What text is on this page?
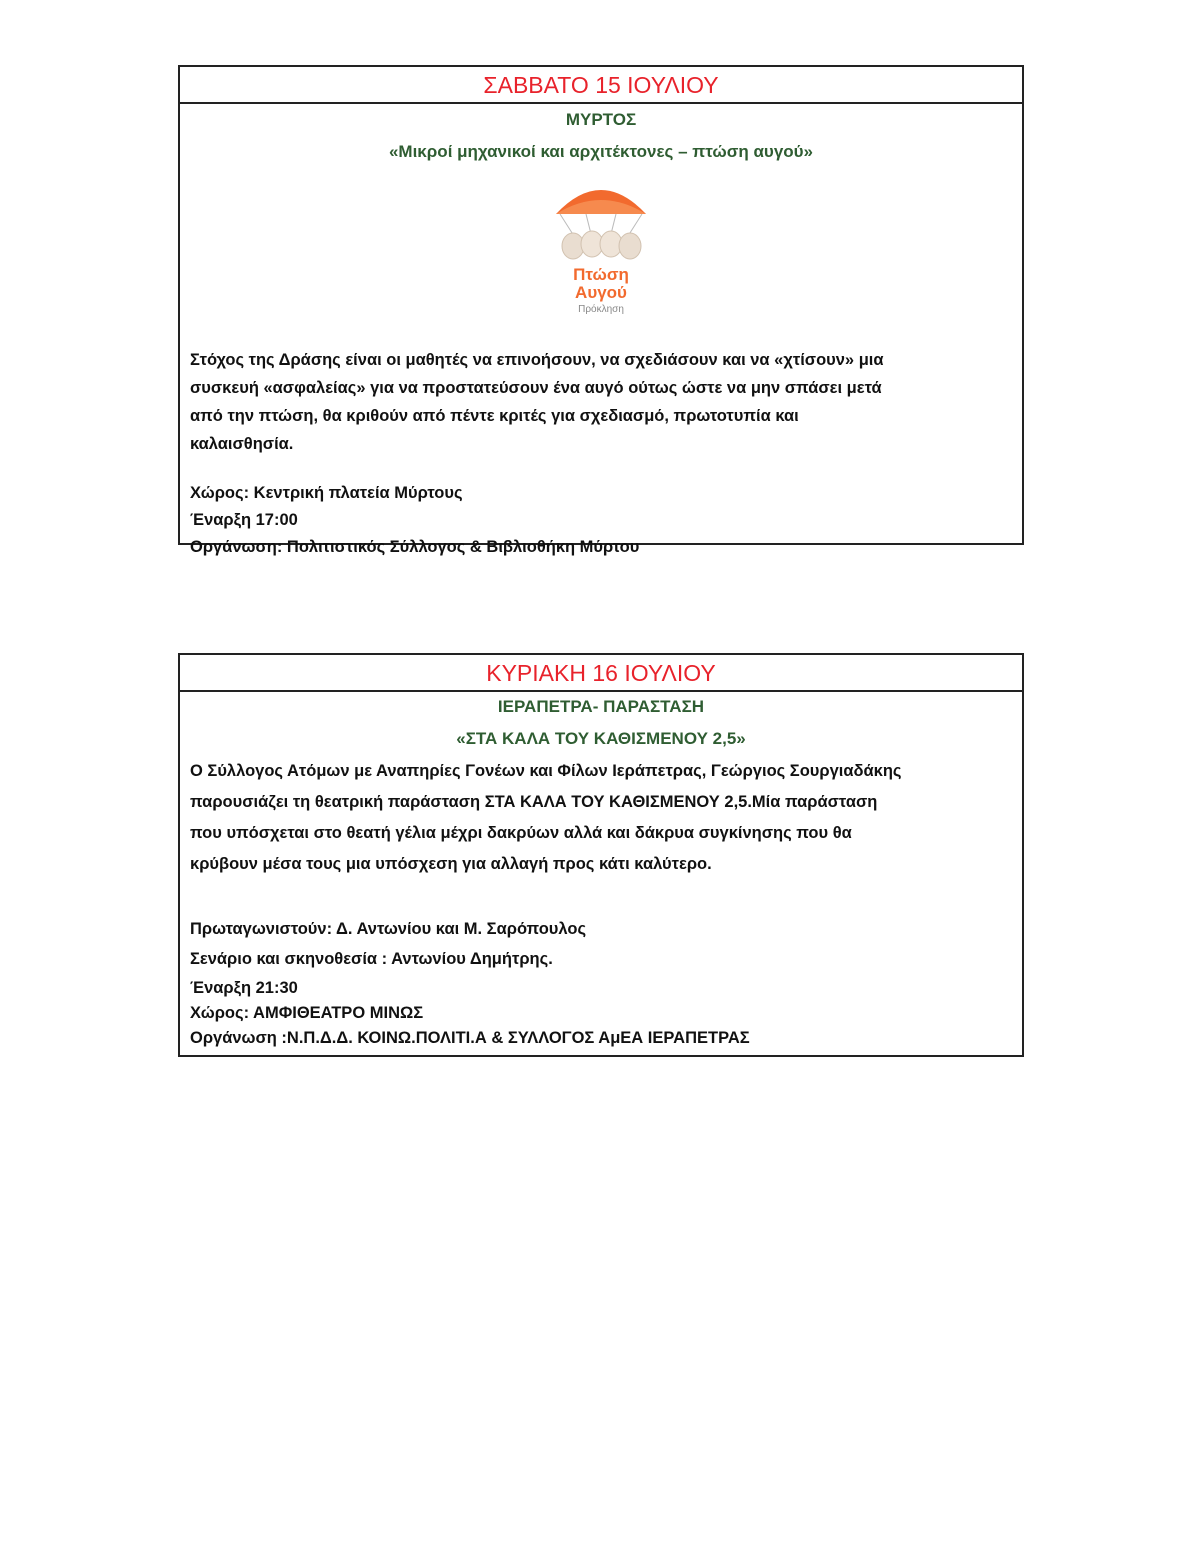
ΣΑΒΒΑΤΟ 15 ΙΟΥΛΙΟΥ
ΜΥΡΤΟΣ
«Μικροί μηχανικοί και αρχιτέκτονες – πτώση αυγού»
Πτώση
Αυγού
Πρόκληση
Στόχος της Δράσης είναι οι μαθητές να επινοήσουν, να σχεδιάσουν και να «χτίσουν» μια
συσκευή «ασφαλείας» για να προστατεύσουν ένα αυγό ούτως ώστε να μην σπάσει μετά
από την πτώση, θα κριθούν από πέντε κριτές για σχεδιασμό, πρωτοτυπία και
καλαισθησία.
Χώρος: Κεντρική πλατεία Μύρτους
Έναρξη 17:00
Οργάνωση: Πολιτιστικός Σύλλογος & Βιβλιοθήκη Μύρτου
ΚΥΡΙΑΚΗ 16 ΙΟΥΛΙΟΥ
ΙΕΡΑΠΕΤΡΑ- ΠΑΡΑΣΤΑΣΗ
«ΣΤΑ ΚΑΛΑ ΤΟΥ ΚΑΘΙΣΜΕΝΟΥ 2,5»
Ο Σύλλογος Ατόμων με Αναπηρίες Γονέων και Φίλων Ιεράπετρας, Γεώργιος Σουργιαδάκης
παρουσιάζει τη θεατρική παράσταση ΣΤΑ ΚΑΛΑ ΤΟΥ ΚΑΘΙΣΜΕΝΟΥ 2,5.Μία παράσταση
που υπόσχεται στο θεατή γέλια μέχρι δακρύων αλλά και δάκρυα συγκίνησης που θα
κρύβουν μέσα τους μια υπόσχεση για αλλαγή προς κάτι καλύτερο.
Πρωταγωνιστούν: Δ. Αντωνίου και Μ. Σαρόπουλος
Σενάριο και σκηνοθεσία : Αντωνίου Δημήτρης.
Έναρξη 21:30
Χώρος: ΑΜΦΙΘΕΑΤΡΟ ΜΙΝΩΣ
Οργάνωση :Ν.Π.Δ.Δ. ΚΟΙΝΩ.ΠΟΛΙΤΙ.Α & ΣΥΛΛΟΓΟΣ ΑμΕΑ ΙΕΡΑΠΕΤΡΑΣ
